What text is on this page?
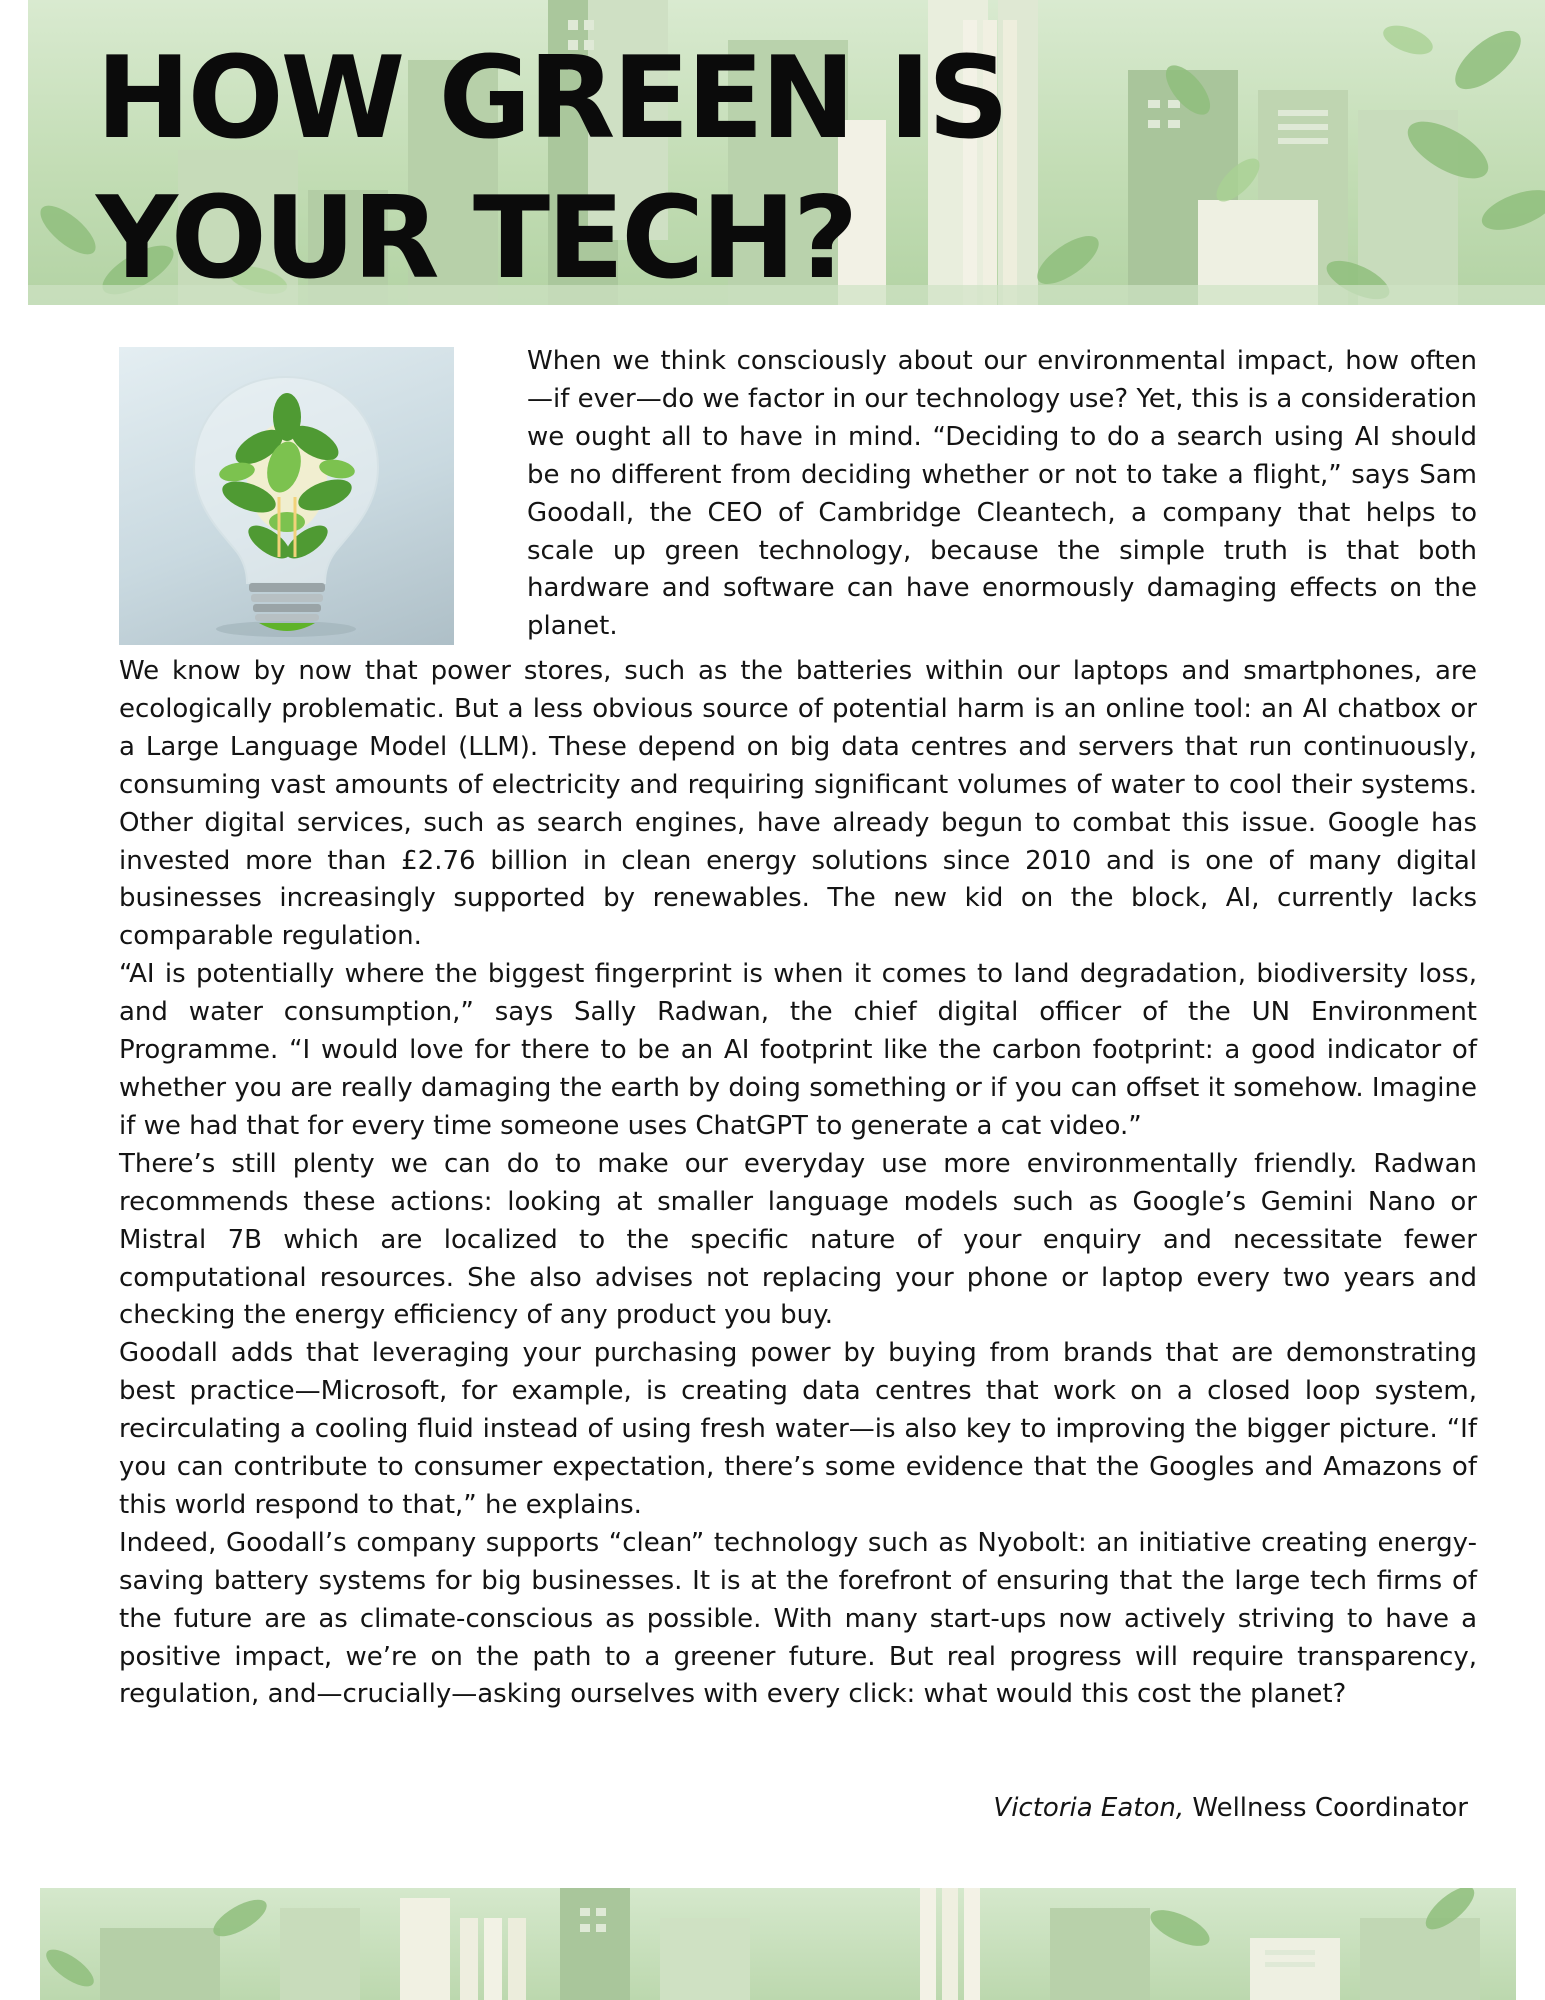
HOW GREEN IS
YOUR TECH?

When we think consciously about our environmental impact, how often—if ever—do we factor in our technology use? Yet, this is a consideration we ought all to have in mind. “Deciding to do a search using AI should be no different from deciding whether or not to take a flight,” says Sam Goodall, the CEO of Cambridge Cleantech, a company that helps to scale up green technology, because the simple truth is that both hardware and software can have enormously damaging effects on the planet.

We know by now that power stores, such as the batteries within our laptops and smartphones, are ecologically problematic. But a less obvious source of potential harm is an online tool: an AI chatbox or a Large Language Model (LLM). These depend on big data centres and servers that run continuously, consuming vast amounts of electricity and requiring significant volumes of water to cool their systems. Other digital services, such as search engines, have already begun to combat this issue. Google has invested more than £2.76 billion in clean energy solutions since 2010 and is one of many digital businesses increasingly supported by renewables. The new kid on the block, AI, currently lacks comparable regulation.

“AI is potentially where the biggest fingerprint is when it comes to land degradation, biodiversity loss, and water consumption,” says Sally Radwan, the chief digital officer of the UN Environment Programme. “I would love for there to be an AI footprint like the carbon footprint: a good indicator of whether you are really damaging the earth by doing something or if you can offset it somehow. Imagine if we had that for every time someone uses ChatGPT to generate a cat video.”

There’s still plenty we can do to make our everyday use more environmentally friendly. Radwan recommends these actions: looking at smaller language models such as Google’s Gemini Nano or Mistral 7B which are localized to the specific nature of your enquiry and necessitate fewer computational resources. She also advises not replacing your phone or laptop every two years and checking the energy efficiency of any product you buy.

Goodall adds that leveraging your purchasing power by buying from brands that are demonstrating best practice—Microsoft, for example, is creating data centres that work on a closed loop system, recirculating a cooling fluid instead of using fresh water—is also key to improving the bigger picture. “If you can contribute to consumer expectation, there’s some evidence that the Googles and Amazons of this world respond to that,” he explains.

Indeed, Goodall’s company supports “clean” technology such as Nyobolt: an initiative creating energy-saving battery systems for big businesses. It is at the forefront of ensuring that the large tech firms of the future are as climate-conscious as possible. With many start-ups now actively striving to have a positive impact, we’re on the path to a greener future. But real progress will require transparency, regulation, and—crucially—asking ourselves with every click: what would this cost the planet?

Victoria Eaton, Wellness Coordinator
